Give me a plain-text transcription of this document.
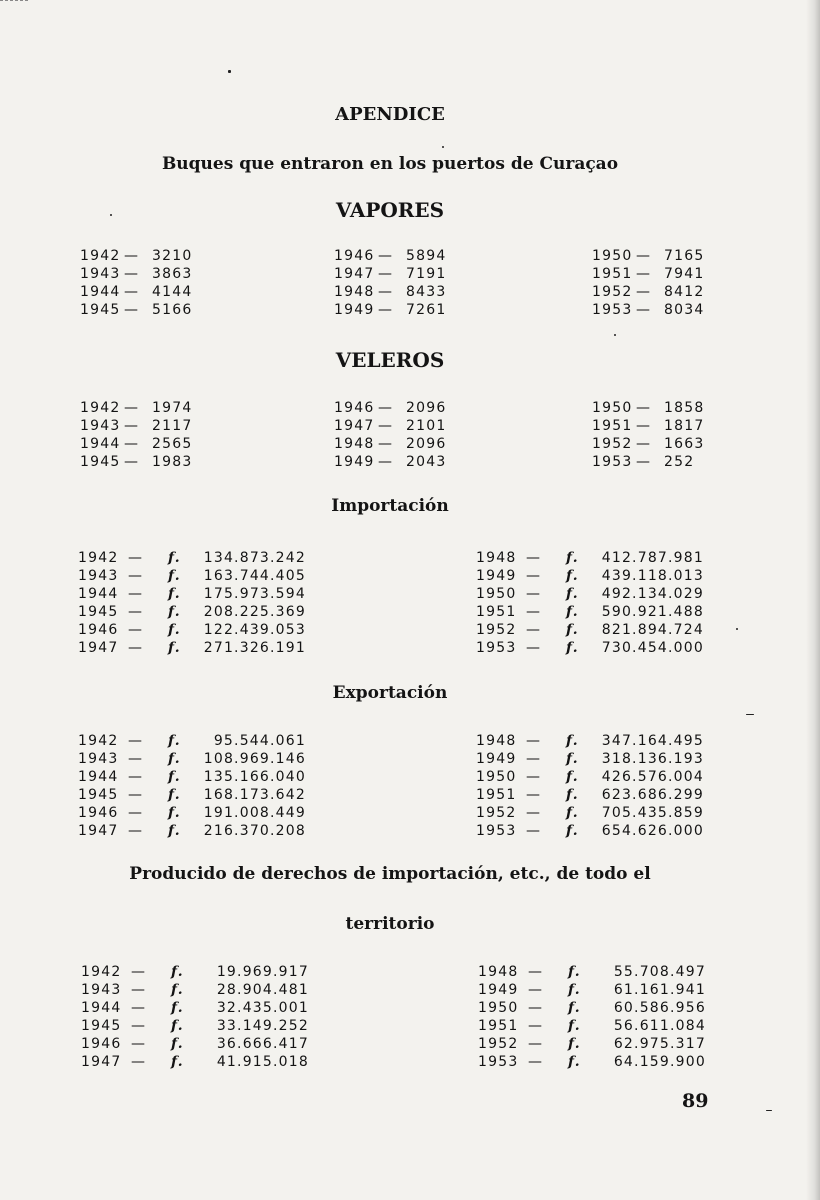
APENDICE
Buques que entraron en los puertos de Curaçao
VAPORES
1942 — 3210
1943 — 3863
1944 — 4144
1945 — 5166
1946 — 5894
1947 — 7191
1948 — 8433
1949 — 7261
1950 — 7165
1951 — 7941
1952 — 8412
1953 — 8034
VELEROS
1942 — 1974
1943 — 2117
1944 — 2565
1945 — 1983
1946 — 2096
1947 — 2101
1948 — 2096
1949 — 2043
1950 — 1858
1951 — 1817
1952 — 1663
1953 — 252
Importación
1942 — f.	134.873.242
1943 — f.	163.744.405
1944 — f.	175.973.594
1945 — f.	208.225.369
1946 — f.	122.439.053
1947 — f.	271.326.191
1948 — f.	412.787.981
1949 — f.	439.118.013
1950 — f.	492.134.029
1951 — f.	590.921.488
1952 — f.	821.894.724
1953 — f.	730.454.000
Exportación
1942 — f.	95.544.061
1943 — f.	108.969.146
1944 — f.	135.166.040
1945 — f.	168.173.642
1946 — f.	191.008.449
1947 — f.	216.370.208
1948 — f.	347.164.495
1949 — f.	318.136.193
1950 — f.	426.576.004
1951 — f.	623.686.299
1952 — f.	705.435.859
1953 — f.	654.626.000
Producido de derechos de importación, etc., de todo el
territorio
1942 — f.	19.969.917
1943 — f.	28.904.481
1944 — f.	32.435.001
1945 — f.	33.149.252
1946 — f.	36.666.417
1947 — f.	41.915.018
1948 — f.	55.708.497
1949 — f.	61.161.941
1950 — f.	60.586.956
1951 — f.	56.611.084
1952 — f.	62.975.317
1953 — f.	64.159.900
89
